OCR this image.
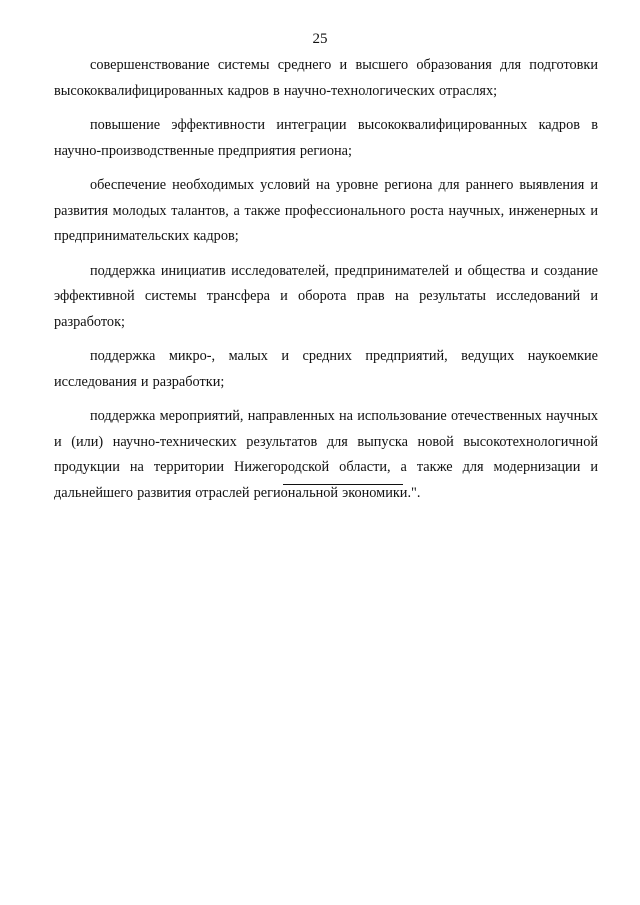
25

совершенствование системы среднего и высшего образования для подготовки высококвалифицированных кадров в научно-технологических отраслях;

повышение эффективности интеграции высококвалифицированных кадров в научно-производственные предприятия региона;

обеспечение необходимых условий на уровне региона для раннего выявления и развития молодых талантов, а также профессионального роста научных, инженерных и предпринимательских кадров;

поддержка инициатив исследователей, предпринимателей и общества и создание эффективной системы трансфера и оборота прав на результаты исследований и разработок;

поддержка микро-, малых и средних предприятий, ведущих наукоемкие исследования и разработки;

поддержка мероприятий, направленных на использование отечественных научных и (или) научно-технических результатов для выпуска новой высокотехнологичной продукции на территории Нижегородской области, а также для модернизации и дальнейшего развития отраслей региональной экономики.".
